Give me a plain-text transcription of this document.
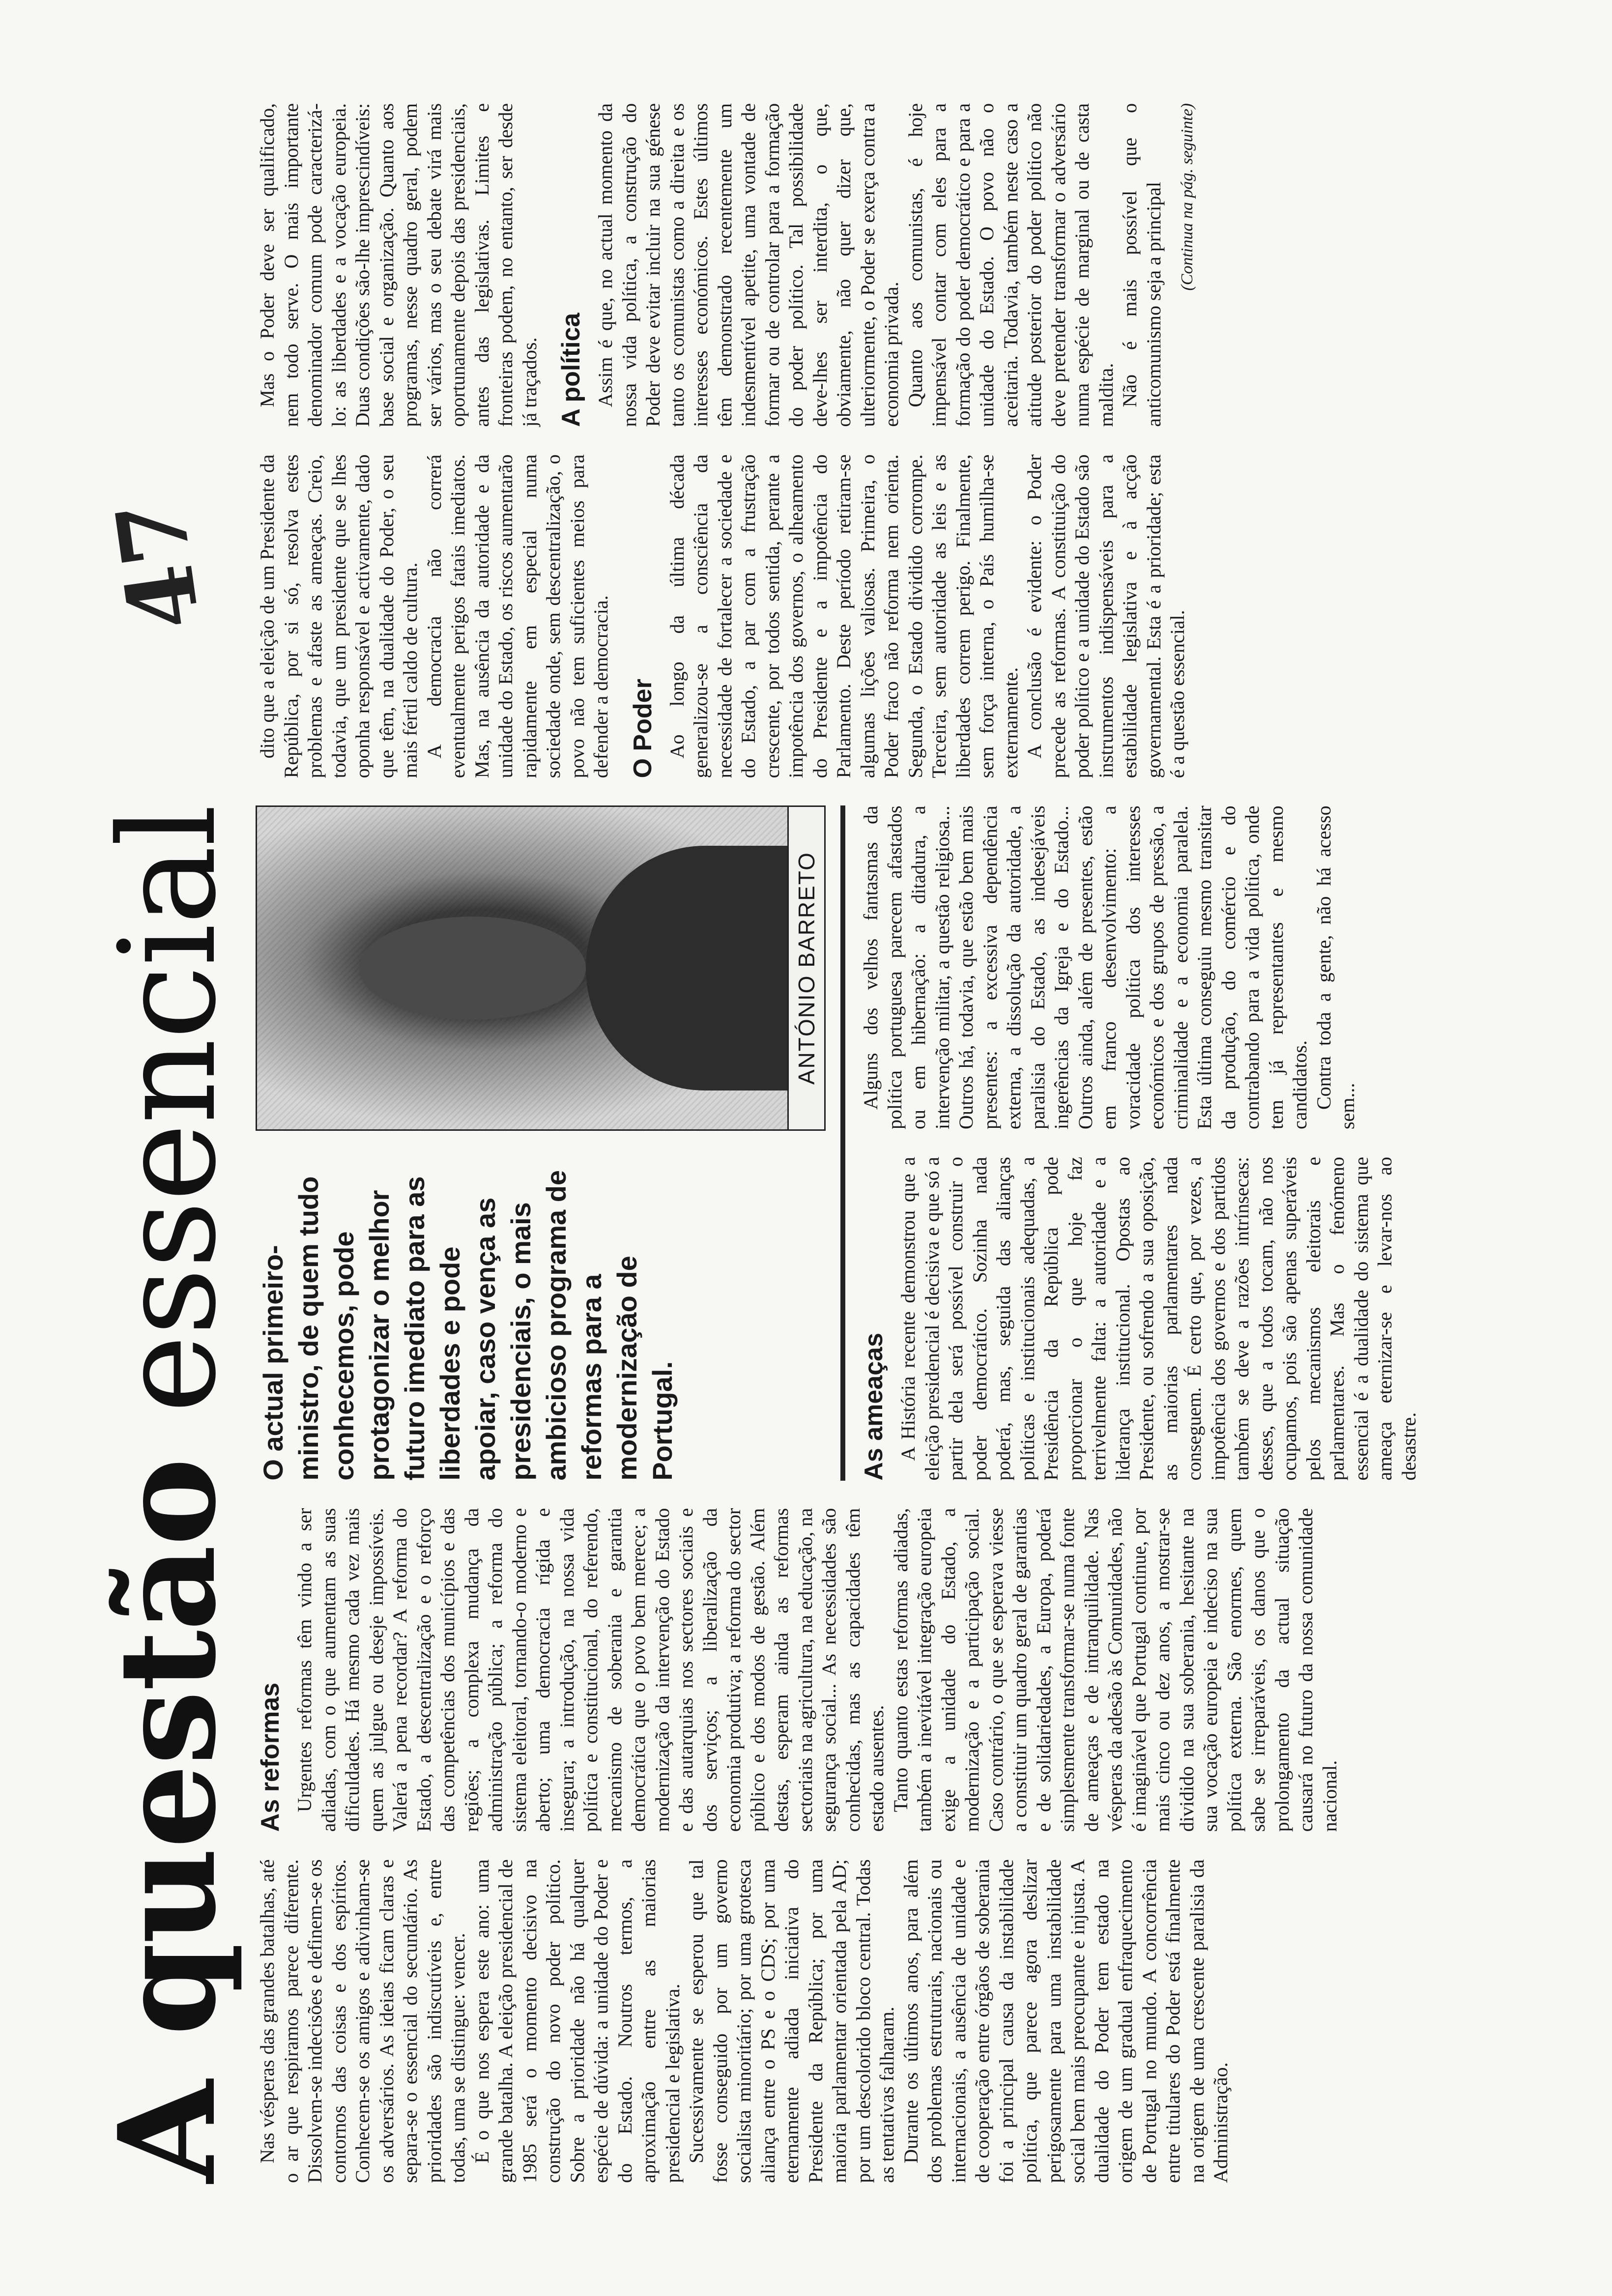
A questão essencial
47

Nas vésperas das grandes batalhas, até o ar que respiramos parece diferente. Dissolvem-se indecisões e definem-se os contornos das coisas e dos espíritos. Conhecem-se os amigos e adivinham-se os adversários. As ideias ficam claras e separa-se o essencial do secundário. As prioridades são indiscutíveis e, entre todas, uma se distingue: vencer. É o que nos espera este ano: uma grande batalha. A eleição presidencial de 1985 será o momento decisivo na construção do novo poder político. Sobre a prioridade não há qualquer espécie de dúvida: a unidade do Poder e do Estado. Noutros termos, a aproximação entre as maiorias presidencial e legislativa. Sucessivamente se esperou que tal fosse conseguido por um governo socialista minoritário; por uma grotesca aliança entre o PS e o CDS; por uma eternamente adiada iniciativa do Presidente da República; por uma maioria parlamentar orientada pela AD; por um descolorido bloco central. Todas as tentativas falharam. Durante os últimos anos, para além dos problemas estruturais, nacionais ou internacionais, a ausência de unidade e de cooperação entre órgãos de soberania foi a principal causa da instabilidade política, que parece agora deslizar perigosamente para uma instabilidade social bem mais preocupante e injusta. A dualidade do Poder tem estado na origem de um gradual enfraquecimento de Portugal no mundo. A concorrência entre titulares do Poder está finalmente na origem de uma crescente paralisia da Administração.

As reformas Urgentes reformas têm vindo a ser adiadas, com o que aumentam as suas dificuldades. Há mesmo cada vez mais quem as julgue ou deseje impossíveis. Valerá a pena recordar? A reforma do Estado, a descentralização e o reforço das competências dos municípios e das regiões; a complexa mudança da administração pública; a reforma do sistema eleitoral, tornando-o moderno e aberto; uma democracia rígida e insegura; a introdução, na nossa vida política e constitucional, do referendo, mecanismo de soberania e garantia democrática que o povo bem merece; a modernização da intervenção do Estado e das autarquias nos sectores sociais e dos serviços; a liberalização da economia produtiva; a reforma do sector público e dos modos de gestão. Além destas, esperam ainda as reformas sectoriais na agricultura, na educação, na segurança social... As necessidades são conhecidas, mas as capacidades têm estado ausentes. Tanto quanto estas reformas adiadas, também a inevitável integração europeia exige a unidade do Estado, a modernização e a participação social. Caso contrário, o que se esperava viesse a constituir um quadro geral de garantias e de solidariedades, a Europa, poderá simplesmente transformar-se numa fonte de ameaças e de intranquilidade. Nas vésperas da adesão às Comunidades, não é imaginável que Portugal continue, por mais cinco ou dez anos, a mostrar-se dividido na sua soberania, hesitante na sua vocação europeia e indeciso na sua política externa. São enormes, quem sabe se irreparáveis, os danos que o prolongamento da actual situação causará no futuro da nossa comunidade nacional.

O actual primeiro-ministro, de quem tudo conhecemos, pode protagonizar o melhor futuro imediato para as liberdades e pode apoiar, caso vença as presidenciais, o mais ambicioso programa de reformas para a modernização de Portugal.
ANTÓNIO BARRETO
As ameaças A História recente demonstrou que a eleição presidencial é decisiva e que só a partir dela será possível construir o poder democrático. Sozinha nada poderá, mas, seguida das alianças políticas e institucionais adequadas, a Presidência da República pode proporcionar o que hoje faz terrivelmente falta: a autoridade e a liderança institucional. Opostas ao Presidente, ou sofrendo a sua oposição, as maiorias parlamentares nada conseguem. É certo que, por vezes, a impotência dos governos e dos partidos também se deve a razões intrínsecas: desses, que a todos tocam, não nos ocupamos, pois são apenas superáveis pelos mecanismos eleitorais e parlamentares. Mas o fenómeno essencial é a dualidade do sistema que ameaça eternizar-se e levar-nos ao desastre.

Alguns dos velhos fantasmas da política portuguesa parecem afastados ou em hibernação: a ditadura, a intervenção militar, a questão religiosa... Outros há, todavia, que estão bem mais presentes: a excessiva dependência externa, a dissolução da autoridade, a paralisia do Estado, as indesejáveis ingerências da Igreja e do Estado... Outros ainda, além de presentes, estão em franco desenvolvimento: a voracidade política dos interesses económicos e dos grupos de pressão, a criminalidade e a economia paralela. Esta última conseguiu mesmo transitar da produção, do comércio e do contrabando para a vida política, onde tem já representantes e mesmo candidatos. Contra toda a gente, não há acesso sem...

dito que a eleição de um Presidente da República, por si só, resolva estes problemas e afaste as ameaças. Creio, todavia, que um presidente que se lhes oponha responsável e activamente, dado que têm, na dualidade do Poder, o seu mais fértil caldo de cultura. A democracia não correrá eventualmente perigos fatais imediatos. Mas, na ausência da autoridade e da unidade do Estado, os riscos aumentarão rapidamente em especial numa sociedade onde, sem descentralização, o povo não tem suficientes meios para defender a democracia. O Poder Ao longo da última década generalizou-se a consciência da necessidade de fortalecer a sociedade e do Estado, a par com a frustração crescente, por todos sentida, perante a impotência dos governos, o alheamento do Presidente e a impotência do Parlamento. Deste período retiram-se algumas lições valiosas. Primeira, o Poder fraco não reforma nem orienta. Segunda, o Estado dividido corrompe. Terceira, sem autoridade as leis e as liberdades correm perigo. Finalmente, sem força interna, o País humilha-se externamente. A conclusão é evidente: o Poder precede as reformas. A constituição do poder político e a unidade do Estado são instrumentos indispensáveis para a estabilidade legislativa e à acção governamental. Esta é a prioridade; esta é a questão essencial.

Mas o Poder deve ser qualificado, nem todo serve. O mais importante denominador comum pode caracterizá-lo: as liberdades e a vocação europeia. Duas condições são-lhe imprescindíveis: base social e organização. Quanto aos programas, nesse quadro geral, podem ser vários, mas o seu debate virá mais oportunamente depois das presidenciais, antes das legislativas. Limites e fronteiras podem, no entanto, ser desde já traçados. A política Assim é que, no actual momento da nossa vida política, a construção do Poder deve evitar incluir na sua génese tanto os comunistas como a direita e os interesses económicos. Estes últimos têm demonstrado recentemente um indesmentível apetite, uma vontade de formar ou de controlar para a formação do poder político. Tal possibilidade deve-lhes ser interdita, o que, obviamente, não quer dizer que, ulteriormente, o Poder se exerça contra a economia privada. Quanto aos comunistas, é hoje impensável contar com eles para a formação do poder democrático e para a unidade do Estado. O povo não o aceitaria. Todavia, também neste caso a atitude posterior do poder político não deve pretender transformar o adversário numa espécie de marginal ou de casta maldita. Não é mais possível que o anticomunismo seja a principal (Continua na pág. seguinte)
